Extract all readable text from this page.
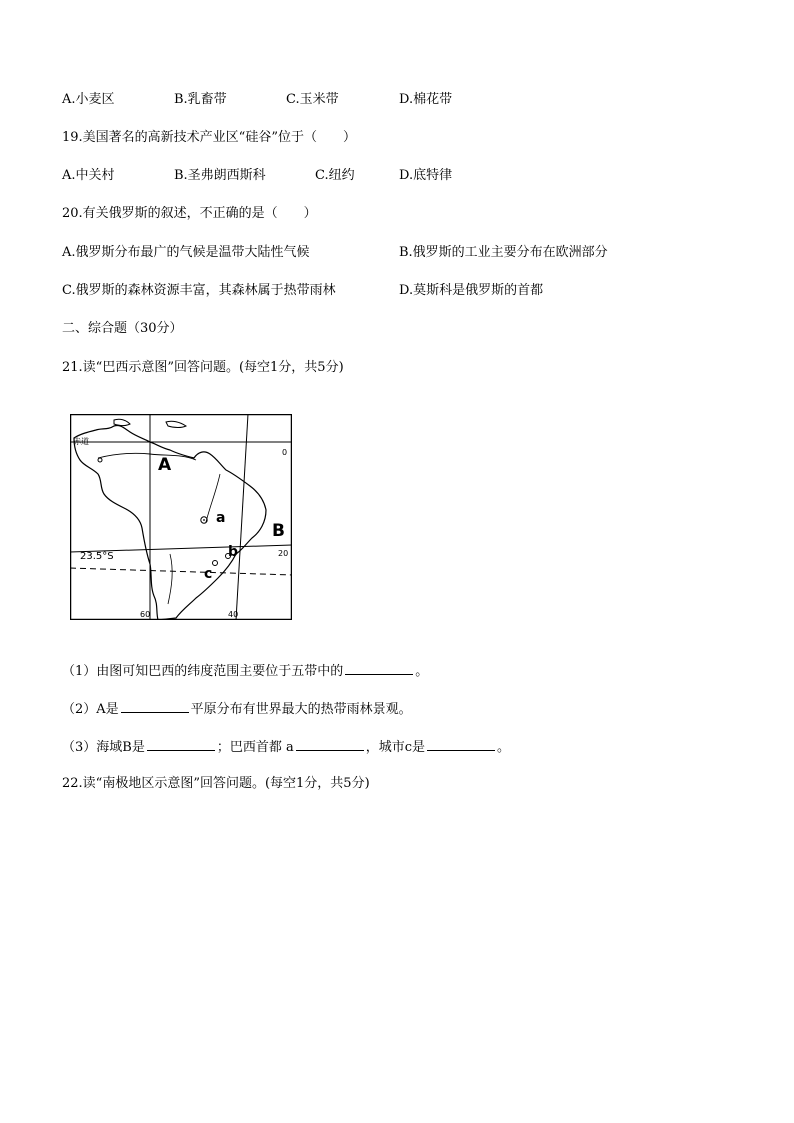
A.小麦区	B.乳畜带	C.玉米带	D.棉花带
19.美国著名的高新技术产业区“硅谷”位于（　　）
A.中关村	B.圣弗朗西斯科	C.纽约	D.底特律
20.有关俄罗斯的叙述，不正确的是（　　）
A.俄罗斯分布最广的气候是温带大陆性气候	B.俄罗斯的工业主要分布在欧洲部分
C.俄罗斯的森林资源丰富，其森林属于热带雨林	D.莫斯科是俄罗斯的首都
二、综合题（30分）
21.读“巴西示意图”回答问题。(每空1分，共5分)
赤道
23.5°S
0
20
60	40
A
B
a
b
c
（1）由图可知巴西的纬度范围主要位于五带中的	。
（2）A是	平原分布有世界最大的热带雨林景观。
（3）海域B是	；巴西首都 a	，城市c是	。
22.读“南极地区示意图”回答问题。(每空1分，共5分)
